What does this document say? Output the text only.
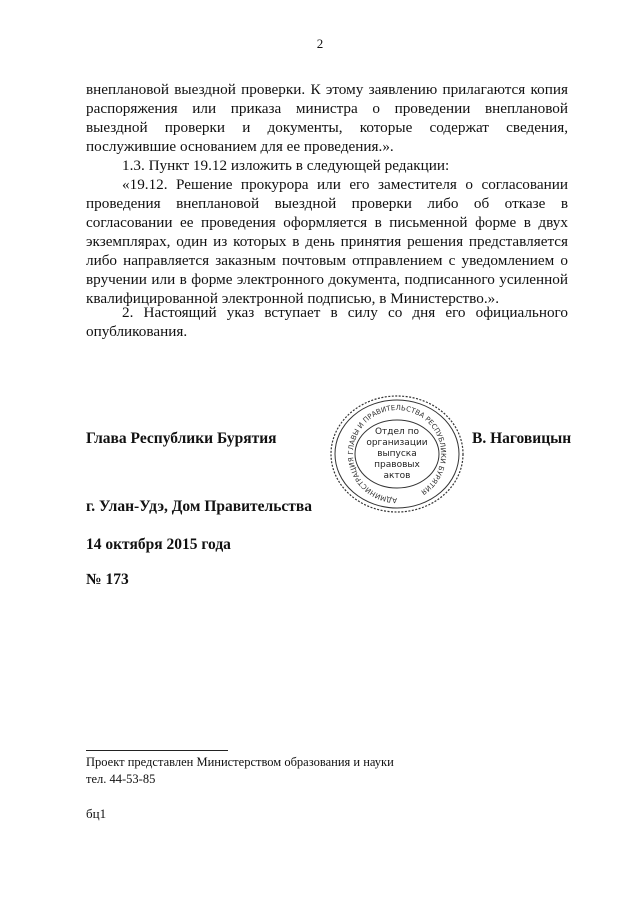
2

внеплановой выездной проверки. К этому заявлению прилагаются копия распоряжения или приказа министра о проведении внеплановой выездной проверки и документы, которые содержат сведения, послужившие основанием для ее проведения.».

1.3. Пункт 19.12 изложить в следующей редакции:

«19.12. Решение прокурора или его заместителя о согласовании проведения внеплановой выездной проверки либо об отказе в согласовании ее проведения оформляется в письменной форме в двух экземплярах, один из которых в день принятия решения представляется либо направляется заказным почтовым отправлением с уведомлением о вручении или в форме электронного документа, подписанного усиленной квалифицированной электронной подписью, в Министерство.».

2. Настоящий указ вступает в силу со дня его официального опубликования.

Глава Республики Бурятия	В. Наговицын
АДМИНИСТРАЦИЯ ГЛАВЫ И ПРАВИТЕЛЬСТВА РЕСПУБЛИКИ БУРЯТИЯ
Отдел по
организации
выпуска
правовых
актов
г. Улан-Удэ, Дом Правительства
14 октября 2015 года
№ 173
Проект представлен Министерством образования и науки
тел. 44-53-85
бц1
